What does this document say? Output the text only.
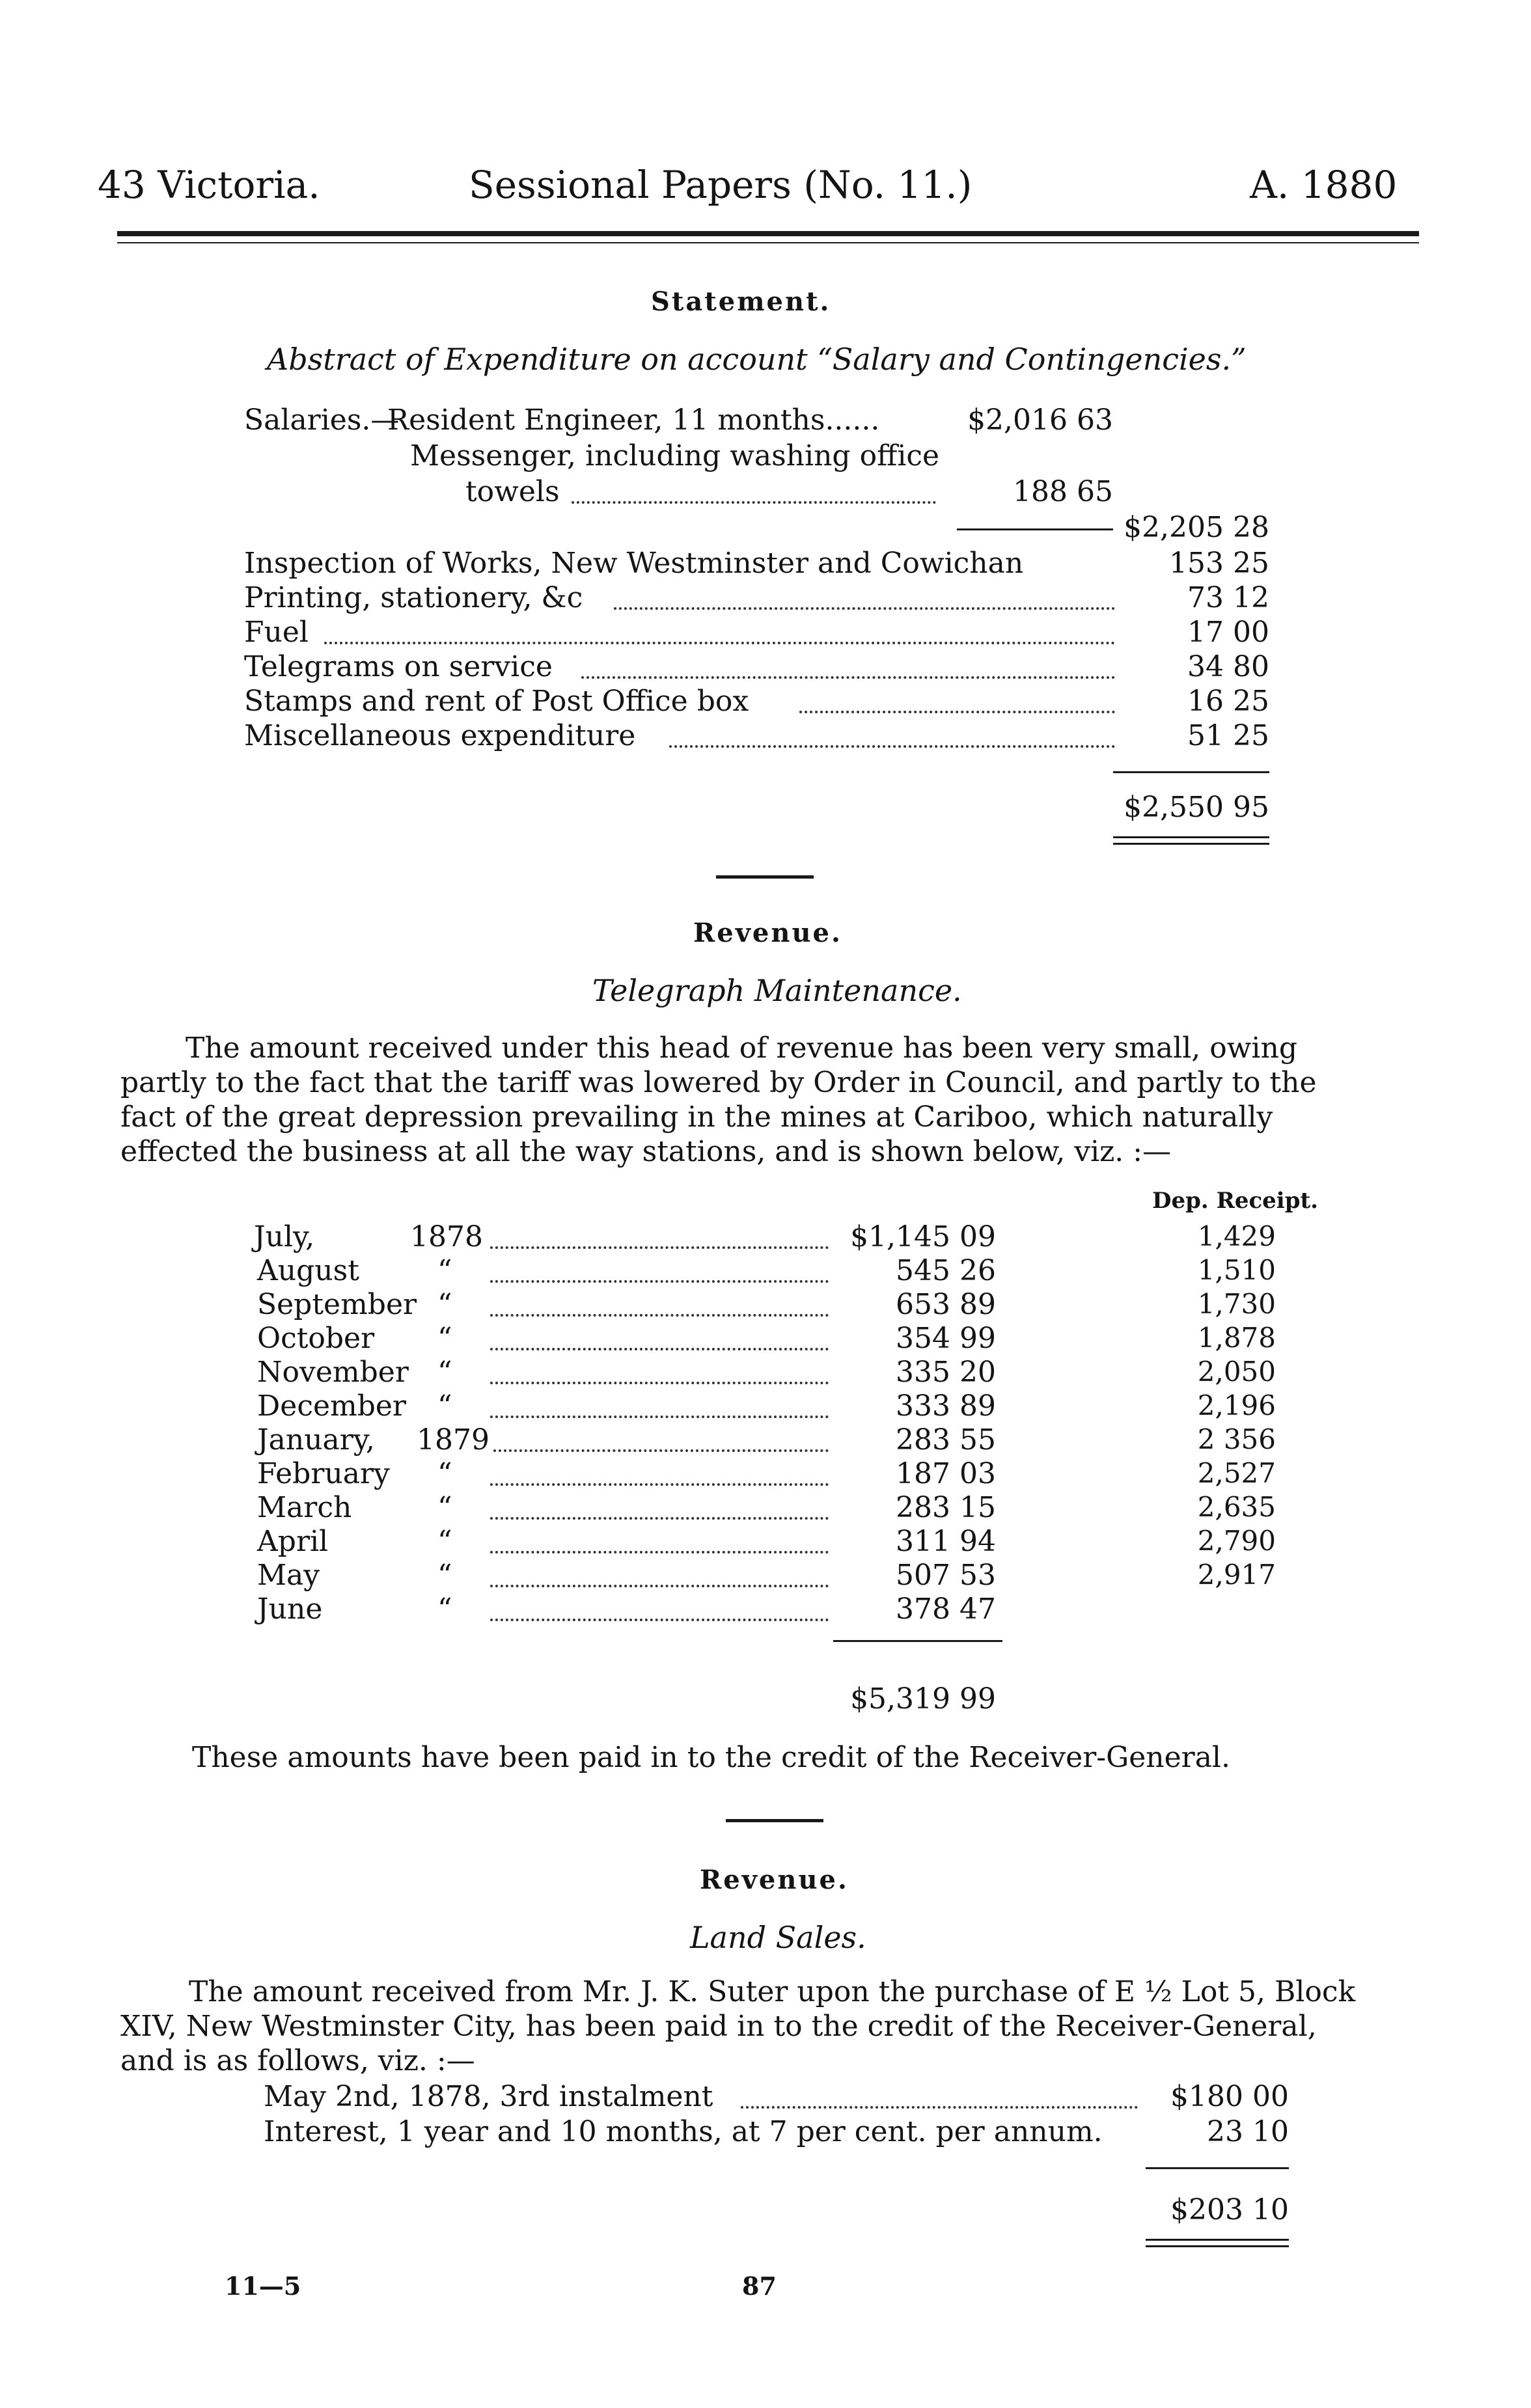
43 Victoria.	Sessional Papers (No. 11.)	A. 1880
Statement.
Abstract of Expenditure on account “Salary and Contingencies.”
Salaries.—
Resident Engineer, 11 months......	$2,016 63
Messenger, including washing office
towels	188 65
$2,205 28
Inspection of Works, New Westminster and Cowichan	153 25
Printing, stationery, &c	73 12
Fuel	17 00
Telegrams on service	34 80
Stamps and rent of Post Office box	16 25
Miscellaneous expenditure	51 25
$2,550 95
Revenue.
Telegraph Maintenance.
The amount received under this head of revenue has been very small, owing
partly to the fact that the tariff was lowered by Order in Council, and partly to the
fact of the great depression prevailing in the mines at Cariboo, which naturally
effected the business at all the way stations, and is shown below, viz. :—
Dep. Receipt.
July,	1878	$1,145 09	1,429
August	“	545 26	1,510
September “	653 89	1,730
October “	354 99	1,878
November “	335 20	2,050
December “	333 89	2,196
January, 1879	283 55	2 356
February “	187 03	2,527
March	“	283 15	2,635
April	“	311 94	2,790
May	“	507 53	2,917
June	“	378 47
$5,319 99
These amounts have been paid in to the credit of the Receiver-General.
Revenue.
Land Sales.
The amount received from Mr. J. K. Suter upon the purchase of E ½ Lot 5, Block
XIV, New Westminster City, has been paid in to the credit of the Receiver-General,
and is as follows, viz. :—
May 2nd, 1878, 3rd instalment	$180 00
Interest, 1 year and 10 months, at 7 per cent. per annum.	23 10
$203 10
11—5	87
